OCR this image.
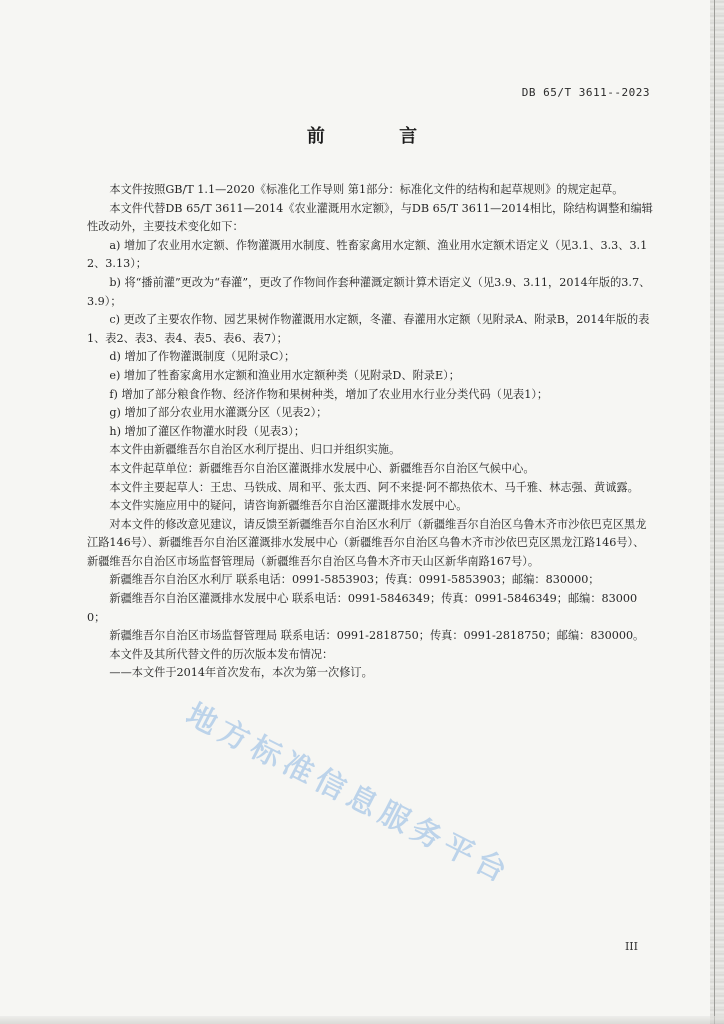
DB 65/T 3611--2023
前 言

本文件按照GB/T 1.1—2020《标准化工作导则 第1部分：标准化文件的结构和起草规则》的规定起草。

本文件代替DB 65/T 3611—2014《农业灌溉用水定额》，与DB 65/T 3611—2014相比，除结构调整和编辑性改动外，主要技术变化如下：

a) 增加了农业用水定额、作物灌溉用水制度、牲畜家禽用水定额、渔业用水定额术语定义（见3.1、3.3、3.12、3.13）；

b) 将“播前灌”更改为“春灌”，更改了作物间作套种灌溉定额计算术语定义（见3.9、3.11，2014年版的3.7、3.9）；

c) 更改了主要农作物、园艺果树作物灌溉用水定额，冬灌、春灌用水定额（见附录A、附录B，2014年版的表1、表2、表3、表4、表5、表6、表7）；

d) 增加了作物灌溉制度（见附录C）；

e) 增加了牲畜家禽用水定额和渔业用水定额种类（见附录D、附录E）；

f) 增加了部分粮食作物、经济作物和果树种类，增加了农业用水行业分类代码（见表1）；

g) 增加了部分农业用水灌溉分区（见表2）；

h) 增加了灌区作物灌水时段（见表3）；

本文件由新疆维吾尔自治区水利厅提出、归口并组织实施。

本文件起草单位：新疆维吾尔自治区灌溉排水发展中心、新疆维吾尔自治区气候中心。

本文件主要起草人：王忠、马铁成、周和平、张太西、阿不来提·阿不都热依木、马千雅、林志强、黄诚露。

本文件实施应用中的疑问，请咨询新疆维吾尔自治区灌溉排水发展中心。

对本文件的修改意见建议，请反馈至新疆维吾尔自治区水利厅（新疆维吾尔自治区乌鲁木齐市沙依巴克区黑龙江路146号）、新疆维吾尔自治区灌溉排水发展中心（新疆维吾尔自治区乌鲁木齐市沙依巴克区黑龙江路146号）、新疆维吾尔自治区市场监督管理局（新疆维吾尔自治区乌鲁木齐市天山区新华南路167号）。

新疆维吾尔自治区水利厅 联系电话：0991-5853903；传真：0991-5853903；邮编：830000；

新疆维吾尔自治区灌溉排水发展中心 联系电话：0991-5846349；传真：0991-5846349；邮编：830000；

新疆维吾尔自治区市场监督管理局 联系电话：0991-2818750；传真：0991-2818750；邮编：830000。

本文件及其所代替文件的历次版本发布情况：

——本文件于2014年首次发布，本次为第一次修订。

地方标准信息服务平台
III
